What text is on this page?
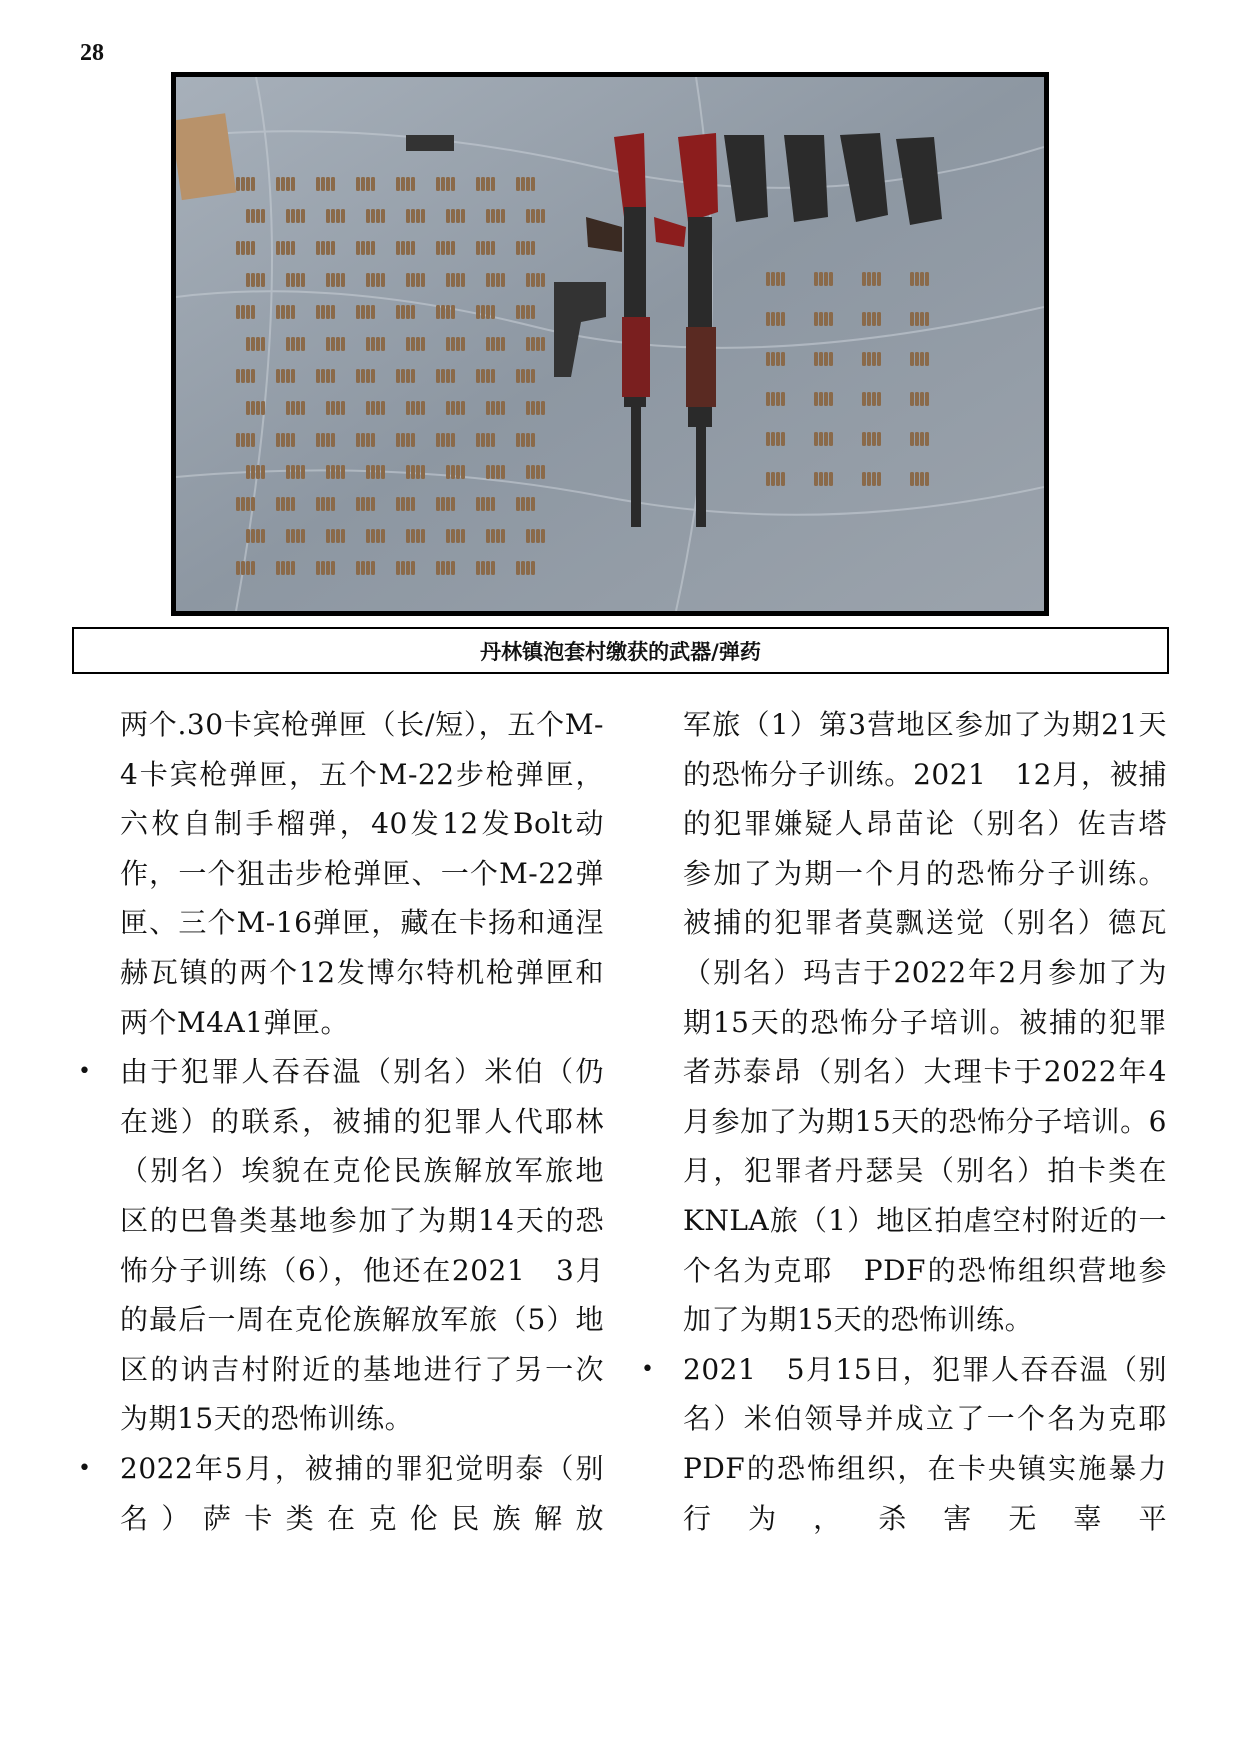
28
丹林镇泡套村缴获的武器/弹药

两个.30卡宾枪弹匣（长/短），五个M-4卡宾枪弹匣，五个M-22步枪弹匣，六枚自制手榴弹，40发12发Bolt动作，一个狙击步枪弹匣、一个M-22弹匣、三个M-16弹匣，藏在卡扬和通涅赫瓦镇的两个12发博尔特机枪弹匣和两个M4A1弹匣。

• 由于犯罪人吞吞温（别名）米伯（仍在逃）的联系，被捕的犯罪人代耶林（别名）埃貌在克伦民族解放军旅地区的巴鲁类基地参加了为期14天的恐怖分子训练（6），他还在2021　3月的最后一周在克伦族解放军旅（5）地区的讷吉村附近的基地进行了另一次为期15天的恐怖训练。
• 2022年5月，被捕的罪犯觉明泰（别名）萨卡类在克伦民族解放

军旅（1）第3营地区参加了为期21天的恐怖分子训练。2021　12月，被捕的犯罪嫌疑人昂苗论（别名）佐吉塔参加了为期一个月的恐怖分子训练。被捕的犯罪者莫飘送觉（别名）德瓦（别名）玛吉于2022年2月参加了为期15天的恐怖分子培训。被捕的犯罪者苏泰昂（别名）大理卡于2022年4月参加了为期15天的恐怖分子培训。6月，犯罪者丹瑟吴（别名）拍卡类在KNLA旅（1）地区拍虐空村附近的一个名为克耶　PDF的恐怖组织营地参加了为期15天的恐怖训练。

• 2021　5月15日，犯罪人吞吞温（别名）米伯领导并成立了一个名为克耶　PDF的恐怖组织，在卡央镇实施暴力行为，杀害无辜平
